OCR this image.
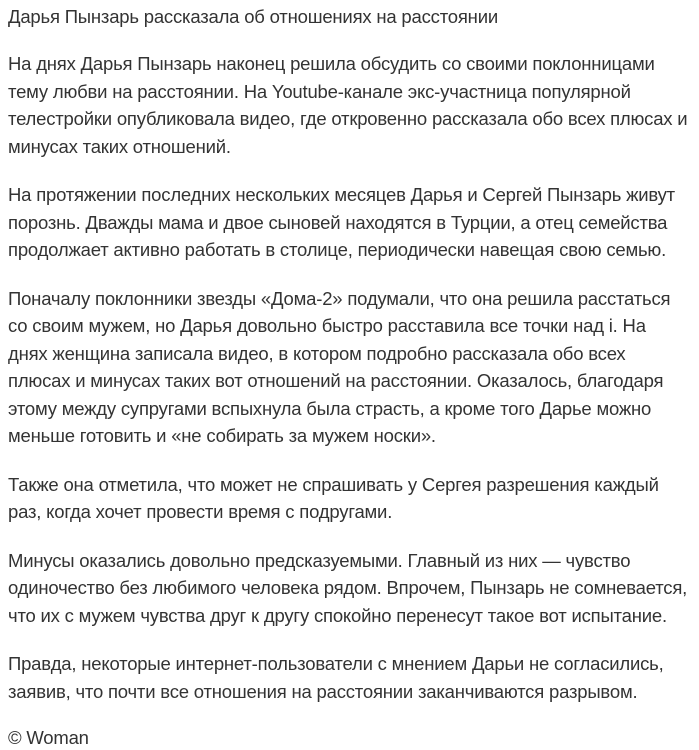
Дарья Пынзарь рассказала об отношениях на расстоянии

На днях Дарья Пынзарь наконец решила обсудить со своими поклонницами тему любви на расстоянии. На Youtube-канале экс-участница популярной телестройки опубликовала видео, где откровенно рассказала обо всех плюсах и минусах таких отношений.

На протяжении последних нескольких месяцев Дарья и Сергей Пынзарь живут порознь. Дважды мама и двое сыновей находятся в Турции, а отец семейства продолжает активно работать в столице, периодически навещая свою семью.

Поначалу поклонники звезды «Дома-2» подумали, что она решила расстаться со своим мужем, но Дарья довольно быстро расставила все точки над i. На днях женщина записала видео, в котором подробно рассказала обо всех плюсах и минусах таких вот отношений на расстоянии. Оказалось, благодаря этому между супругами вспыхнула была страсть, а кроме того Дарье можно меньше готовить и «не собирать за мужем носки».

Также она отметила, что может не спрашивать у Сергея разрешения каждый раз, когда хочет провести время с подругами.

Минусы оказались довольно предсказуемыми. Главный из них — чувство одиночество без любимого человека рядом. Впрочем, Пынзарь не сомневается, что их с мужем чувства друг к другу спокойно перенесут такое вот испытание.

Правда, некоторые интернет-пользователи с мнением Дарьи не согласились, заявив, что почти все отношения на расстоянии заканчиваются разрывом.

© Woman
